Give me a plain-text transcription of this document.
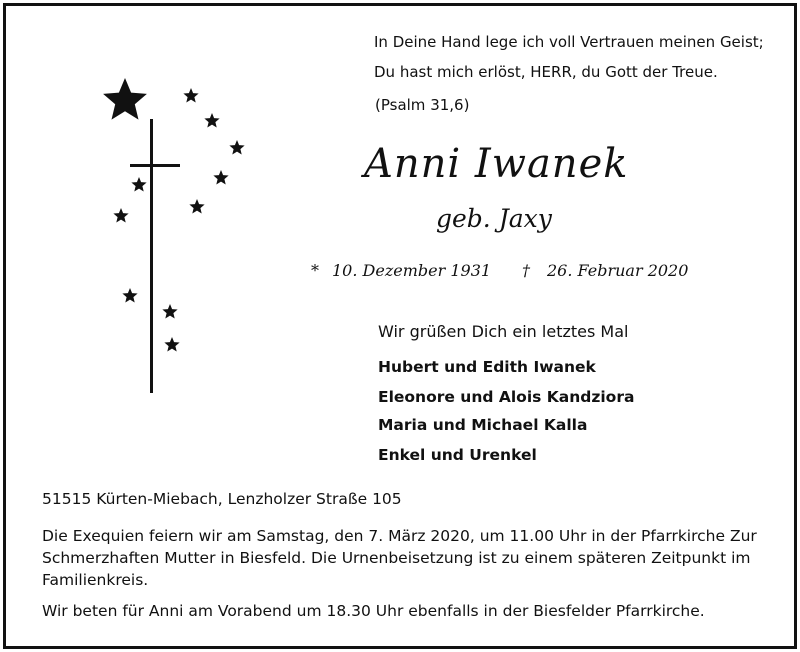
In Deine Hand lege ich voll Vertrauen meinen Geist;
Du hast mich erlöst, HERR, du Gott der Treue.
(Psalm 31,6)
Anni Iwanek
geb. Jaxy
* 10. Dezember 1931 † 26. Februar 2020
Wir grüßen Dich ein letztes Mal
Hubert und Edith Iwanek
Eleonore und Alois Kandziora
Maria und Michael Kalla
Enkel und Urenkel
51515 Kürten-Miebach, Lenzholzer Straße 105
Die Exequien feiern wir am Samstag, den 7. März 2020, um 11.00 Uhr in der Pfarrkirche Zur Schmerzhaften Mutter in Biesfeld. Die Urnenbeisetzung ist zu einem späteren Zeitpunkt im Familienkreis.
Wir beten für Anni am Vorabend um 18.30 Uhr ebenfalls in der Biesfelder Pfarrkirche.
